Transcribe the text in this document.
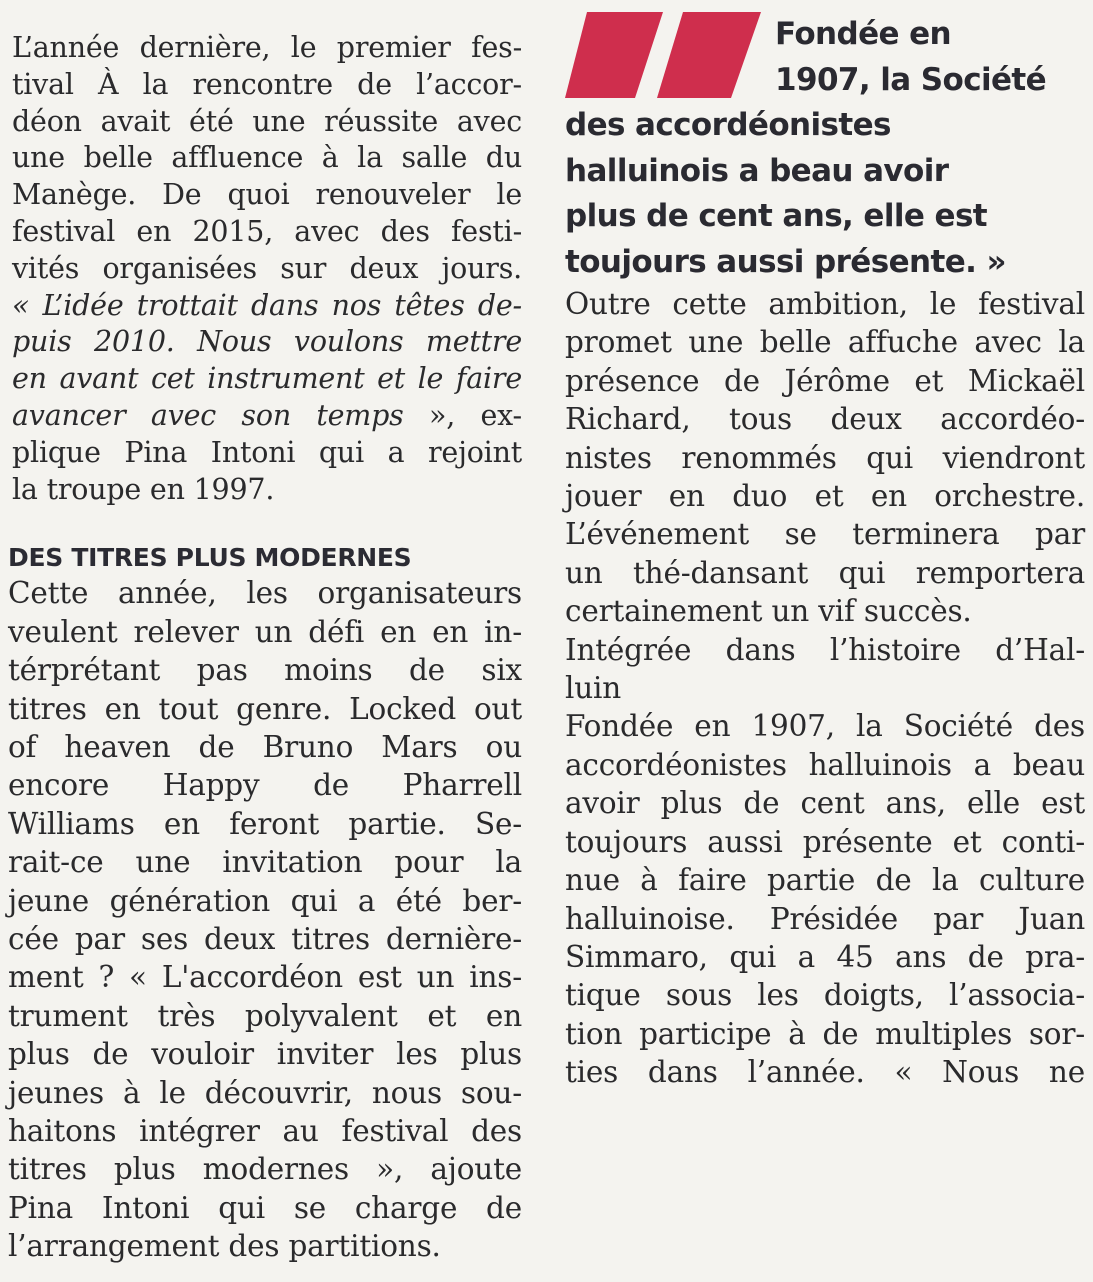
L’année dernière, le premier fes-
tival À la rencontre de l’accor-
déon avait été une réussite avec
une belle affluence à la salle du
Manège. De quoi renouveler le
festival en 2015, avec des festi-
vités organisées sur deux jours.
« L’idée trottait dans nos têtes de-
puis 2010. Nous voulons mettre
en avant cet instrument et le faire
avancer avec son temps », ex-
plique Pina Intoni qui a rejoint
la troupe en 1997.

DES TITRES PLUS MODERNES

Cette année, les organisateurs
veulent relever un défi en en in-
térprétant pas moins de six
titres en tout genre. Locked out
of heaven de Bruno Mars ou
encore Happy de Pharrell
Williams en feront partie. Se-
rait-ce une invitation pour la
jeune génération qui a été ber-
cée par ses deux titres dernière-
ment ? « L'accordéon est un ins-
trument très polyvalent et en
plus de vouloir inviter les plus
jeunes à le découvrir, nous sou-
haitons intégrer au festival des
titres plus modernes », ajoute
Pina Intoni qui se charge de
l’arrangement des partitions.

Fondée en
1907, la Société
des accordéonistes
halluinois a beau avoir
plus de cent ans, elle est
toujours aussi présente. »

Outre cette ambition, le festival
promet une belle affuche avec la
présence de Jérôme et Mickaël
Richard, tous deux accordéo-
nistes renommés qui viendront
jouer en duo et en orchestre.
L’événement se terminera par
un thé-dansant qui remportera
certainement un vif succès.

Intégrée dans l’histoire d’Hal-
luin

Fondée en 1907, la Société des
accordéonistes halluinois a beau
avoir plus de cent ans, elle est
toujours aussi présente et conti-
nue à faire partie de la culture
halluinoise. Présidée par Juan
Simmaro, qui a 45 ans de pra-
tique sous les doigts, l’associa-
tion participe à de multiples sor-
ties dans l’année. « Nous ne
